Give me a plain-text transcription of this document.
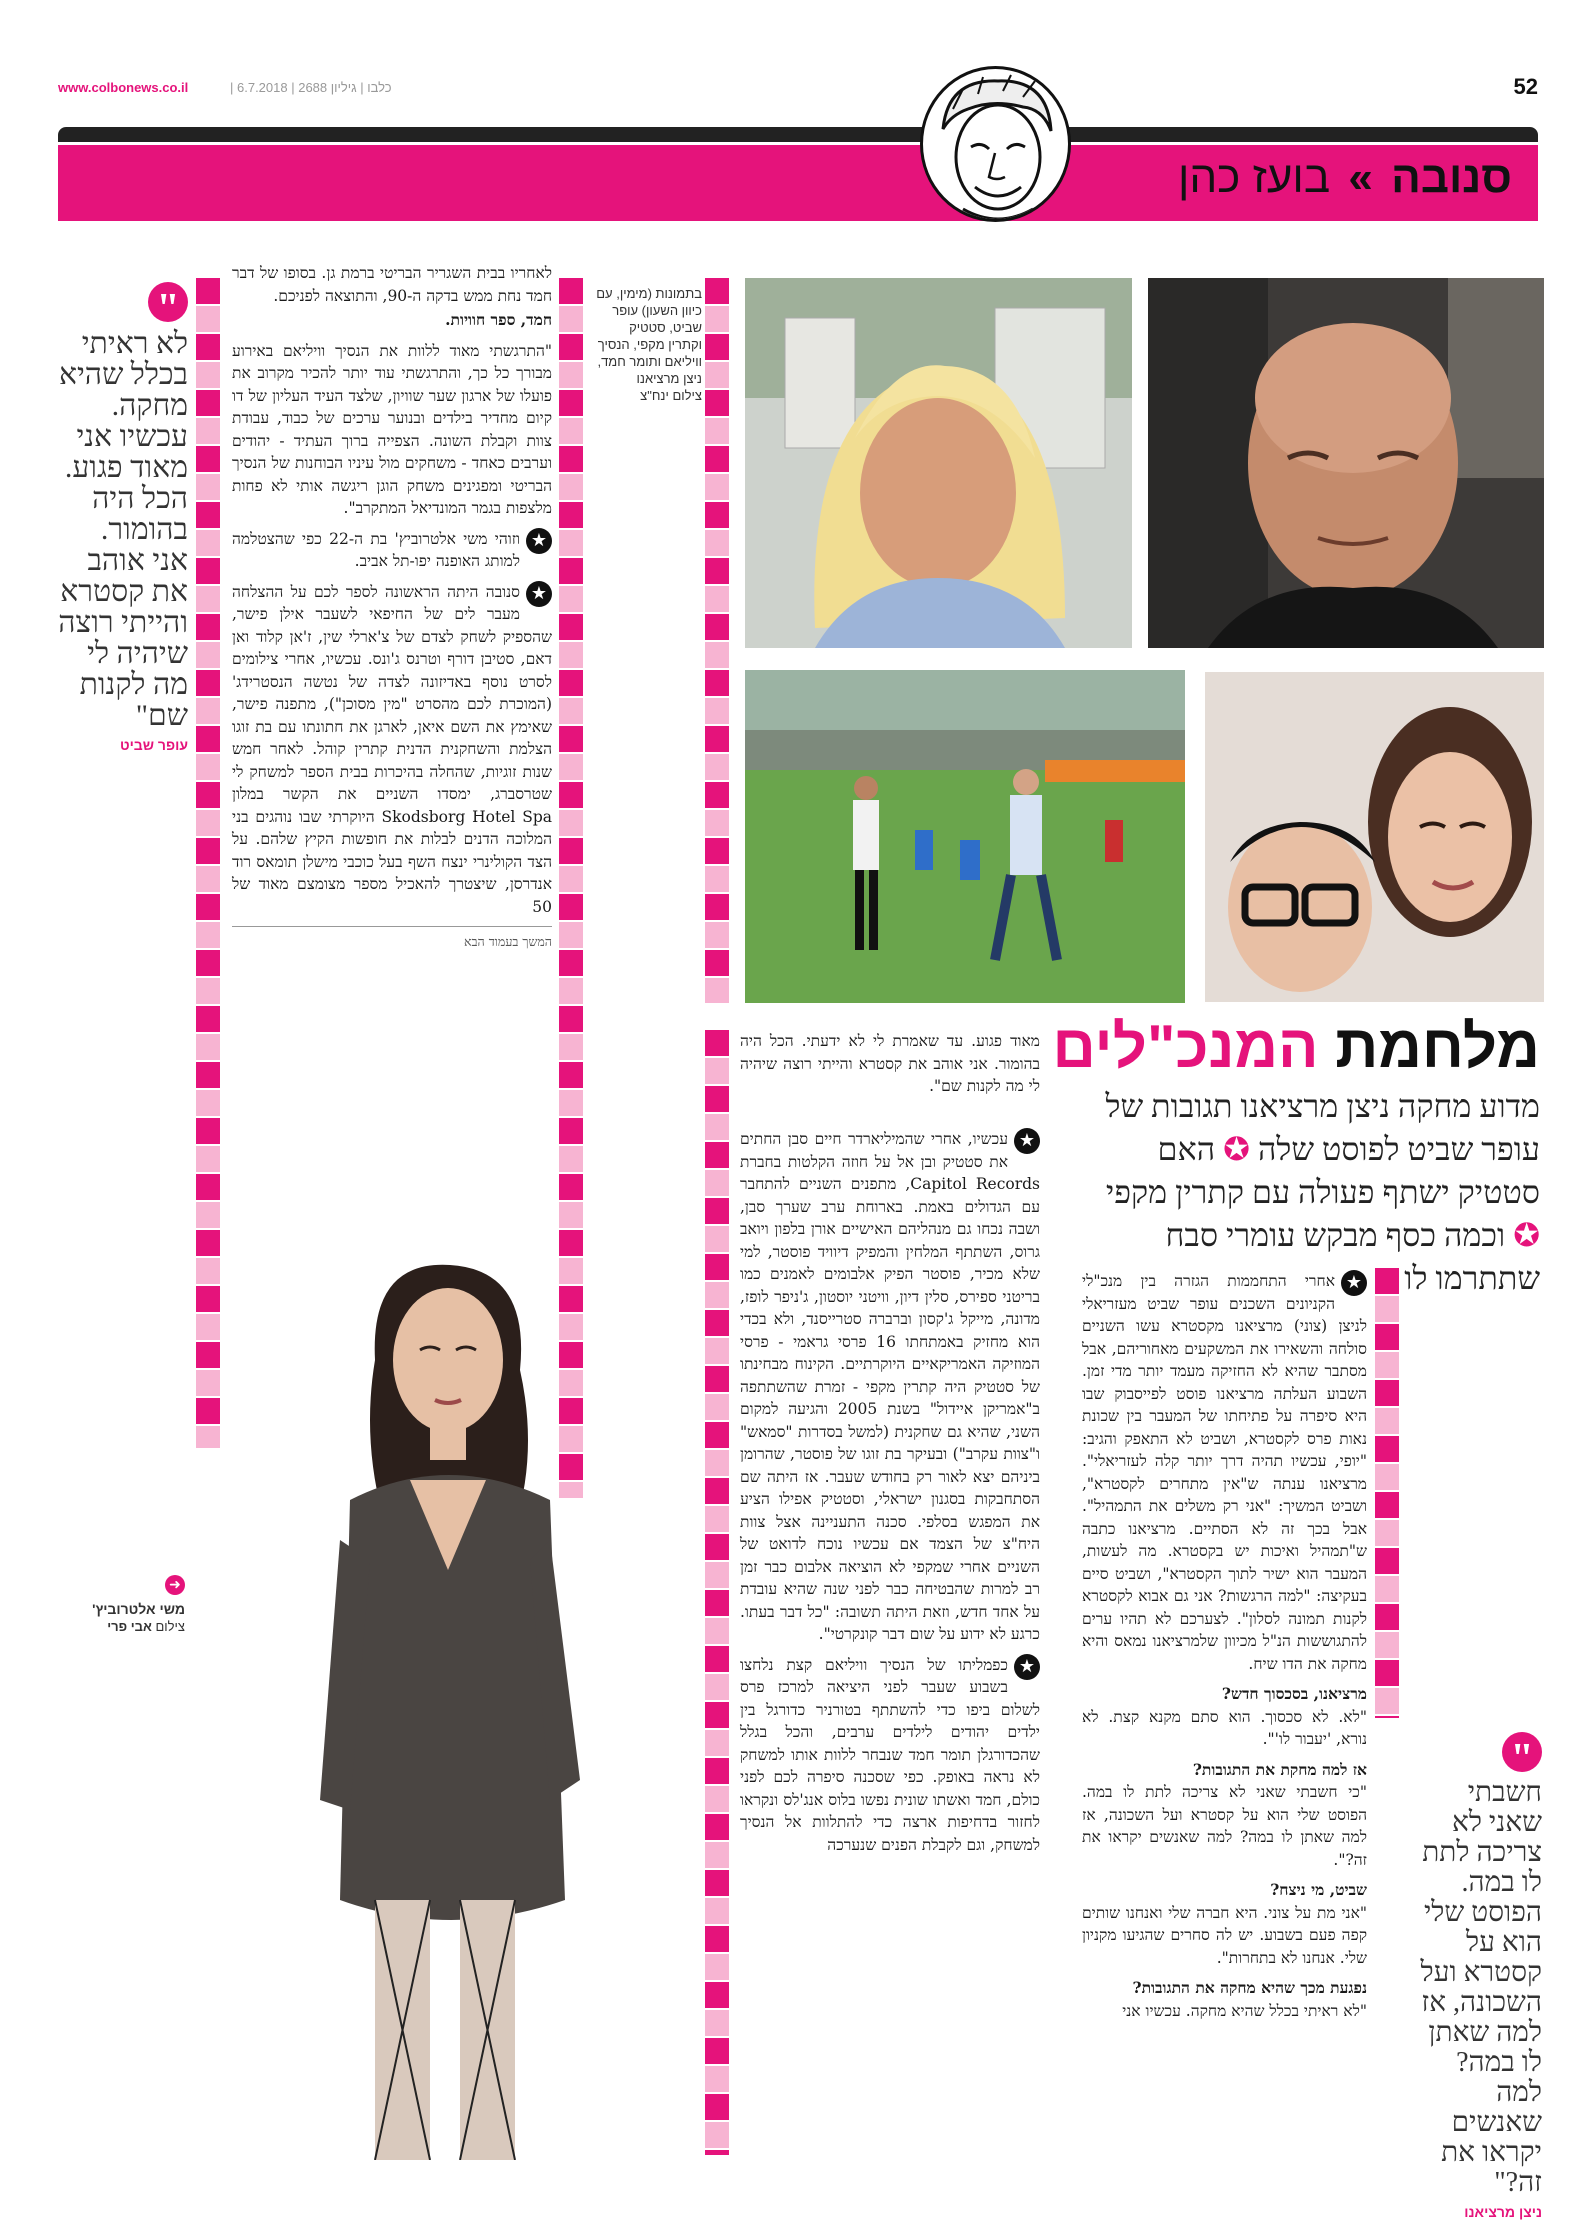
www.colbonews.co.il	| כלבו | גיליון 2688 | 6.7.2018	52
סנובה » בועז כהן
בתמונות (מימין, עם כיוון השעון) עופר שביט, סטטיק וקתרין מקפי, הנסיך וויליאם ותומר חמד, ניצן מרציאנו
צילום ינח"צ
"
לא ראיתי בכלל שהיא מחקה. עכשיו אני מאוד פגוע. הכל היה בהומור. אני אוהב את קסטרא והייתי רוצה שיהיה לי מה לקנות שם"
עופר שביט

לאחריו בבית השגריר הבריטי ברמת גן. בסופו של דבר חמד נחת ממש בדקה ה-90, והתוצאה לפניכם.

חמד, ספר חוויות.

"התרגשתי מאוד ללוות את הנסיך וויליאם באירוע מבורך כל כך, והתרגשתי עוד יותר להכיר מקרוב את פועלו של ארגון שער שוויון, שלצד העיד העליון של דו קיום מחדיר בילדים ובנוער ערכים של כבוד, עבודת צוות וקבלת השונה. הצפייה ברוך העתיד - יהודים וערבים כאחד - משחקים מול עיניו הבוחנות של הנסיך הבריטי ומפגינים משחק הוגן ריגשה אותי לא פחות מלצפות בגמר המונדיאל המתקרב".

★
וזוהי משי אלטרוביץ' בת ה-22 כפי שהצטלמה למותג האופנה יפו-תל אביב.

★
סנובה היתה הראשונה לספר לכם על ההצלחה מעבר לים של החיפאי לשעבר אילן פישר, שהספיק לשחק לצדם של צ'ארלי שין, ז'אן קלוד ואן דאם, סטיבן דורף וטרנס ג'ונס. עכשיו, אחרי צילומים לסרט נוסף באדיזונה לצדה של נטשה הנסטרידג' (המוכרת לכם מהסרט "מין מסוכן"), מתפנה פישר, שאימץ את השם איאן, לארגן את חתונתו עם בת זוגו הצלמת והשחקנית הדנית קתרין קוהל. לאחר חמש שנות זוגיות, שהחלה בהיכרות בבית הספר למשחק לי שטרסברג, ימסדו השניים את הקשר במלון Skodsborg Hotel Spa היוקרתי שבו נוהגים בני המלוכה הדנים לבלות את חופשות הקיץ שלהם. על הצד הקולינרי ינצח השף בעל כוכבי מישלן תומאס רוד אנדרסן, שיצטרך להאכיל מספר מצומצם מאוד של 50

המשך בעמוד הבא

מאוד פגוע. עד שאמרת לי לא ידעתי. הכל היה בהומור. אני אוהב את קסטרא והייתי רוצה שיהיה לי מה לקנות שם".

★
עכשיו, אחרי שהמיליארדר חיים סבן החתים את סטטיק ובן אל על חוזה הקלטות בחברת Capitol Records, מתפנים השניים להתחבר עם הגדולים באמת. בארוחת ערב שערך סבן, ושבה נכחו גם מנהליהם האישיים אורן בלפון ויואב גרוס, השתתף המלחין והמפיק דיוויד פוסטר, למי שלא מכיר, פוסטר הפיק אלבומים לאמנים כמו בריטני ספירס, סלין דיון, וויטני יוסטון, ג'ניפר לופז, מדונה, מייקל ג'קסון וברברה סטרייסנד, ולא בכדי הוא מחזיק באמתחתו 16 פרסי גראמי - פרסי המוזיקה האמריקאיים היוקרתיים. הקינוח מבחינתו של סטטיק היה קתרין מקפי - זמרת שהשתתפה ב"אמריקן איידול" בשנת 2005 והגיעה למקום השני, שהיא גם שחקנית (למשל בסדרות "סמאש" ו"צוות עקרב") ובעיקר בת זוגו של פוסטר, שהרומן ביניהם יצא לאור רק בחודש שעבר. אז היתה שם הסתחבקות בסגנון ישראלי, וסטטיק אפילו הציע את המפגש בסלפי. סכנה התעניינה אצל צוות היח"צ של הצמד אם עכשיו נוכח לדואט של השניים אחרי שמקפי לא הוציאה אלבום כבר זמן רב למרות שהבטיחה כבר לפני שנה שהיא עובדת על אחד חדש, וזאת היתה תשובה: "כל דבר בעתו. כרגע לא ידוע על שום דבר קונקרטי".

★
כפמליתו של הנסיך וויליאם קצת נלחצו בשבוע שעבר לפני היציאה למרכז פרס לשלום ביפו כדי להשתתף בטורניר כדורגל בין ילדים יהודים לילדים ערבים, והכל בגלל שהכדורגלן תומר חמד שנבחר ללוות אותו למשחק לא נראה באופק. כפי שסכנה סיפרה לכם לפני כולם, חמד ואשתו שונית נפשו בלוס אנג'לס ונקראו לחזור בדחיפות ארצה כדי להתלוות אל הנסיך למשחק, וגם לקבלת הפנים שנערכה

מלחמת המנכ"לים
מדוע מחקה ניצן מרציאנו תגובות של עופר שביט לפוסט שלה ✪ האם סטטיק ישתף פעולה עם קתרין מקפי ✪ וכמה כסף מבקש עומרי סבח שתתרמו לו

★
אחרי התחממות הגזרה בין מנכ"לי הקניונים השכנים עופר שביט מעזריאלי לניצן (צוני) מרציאנו מקסטרא עשו השניים סולחה והשאירו את המשקעים מאחוריהם, אבל מסתבר שהיא לא החזיקה מעמד יותר מדי זמן. השבוע העלתה מרציאנו פוסט לפייסבוק שבו היא סיפרה על פתיחתו של המעבר בין שכונת נאות פרס לקסטרא, ושביט לא התאפק והגיב: "יופי, עכשיו תהיה דרך יותר קלה לעזריאלי". מרציאנו ענתה ש"אין מתחרים לקסטרא", ושביט המשיך: "אני רק משלים את התמהיל". אבל בכך זה לא הסתיים. מרציאנו כתבה ש"תמהיל ואיכות יש בקסטרא. מה לעשות, המעבר הוא ישיר לתוך הקסטרא", ושביט סיים בעקיצה: "למה הרגשות? אני גם אבוא לקסטרא לקנות תמונה לסלון". לצערכם לא תהיו ערים להתגוששות הנ"ל מכיוון שלמרציאנו נמאס והיא מחקה את הדו שיח.

מרציאנו, בסכסוך חדש?

"לא. לא סכסוך. הוא סתם מקנא קצת. לא נורא, 'יעבור לו'".

אז למה מחקת את התגובות?

"כי חשבתי שאני לא צריכה לתת לו במה. הפוסט שלי הוא על קסטרא ועל השכונה, אז למה שאתן לו במה? למה שאנשים יקראו את זה?".

שביט, מי ניצח?

"אני מת על צוני. היא חברה שלי ואנחנו שותים קפה פעם בשבוע. יש לה סחרים שהגיעו מקניון שלי. אנחנו לא בתחרות".

נפגעת מכך שהיא מחקה את התגובות?

"לא ראיתי בכלל שהיא מחקה. עכשיו אני

"
חשבתי שאני לא צריכה לתת לו במה. הפוסט שלי הוא על קסטרא ועל השכונה, אז למה שאתן לו במה? למה שאנשים יקראו את זה?"
ניצן מרציאנו
➜
משי אלטרוביץ'
צילום אבי פרי
